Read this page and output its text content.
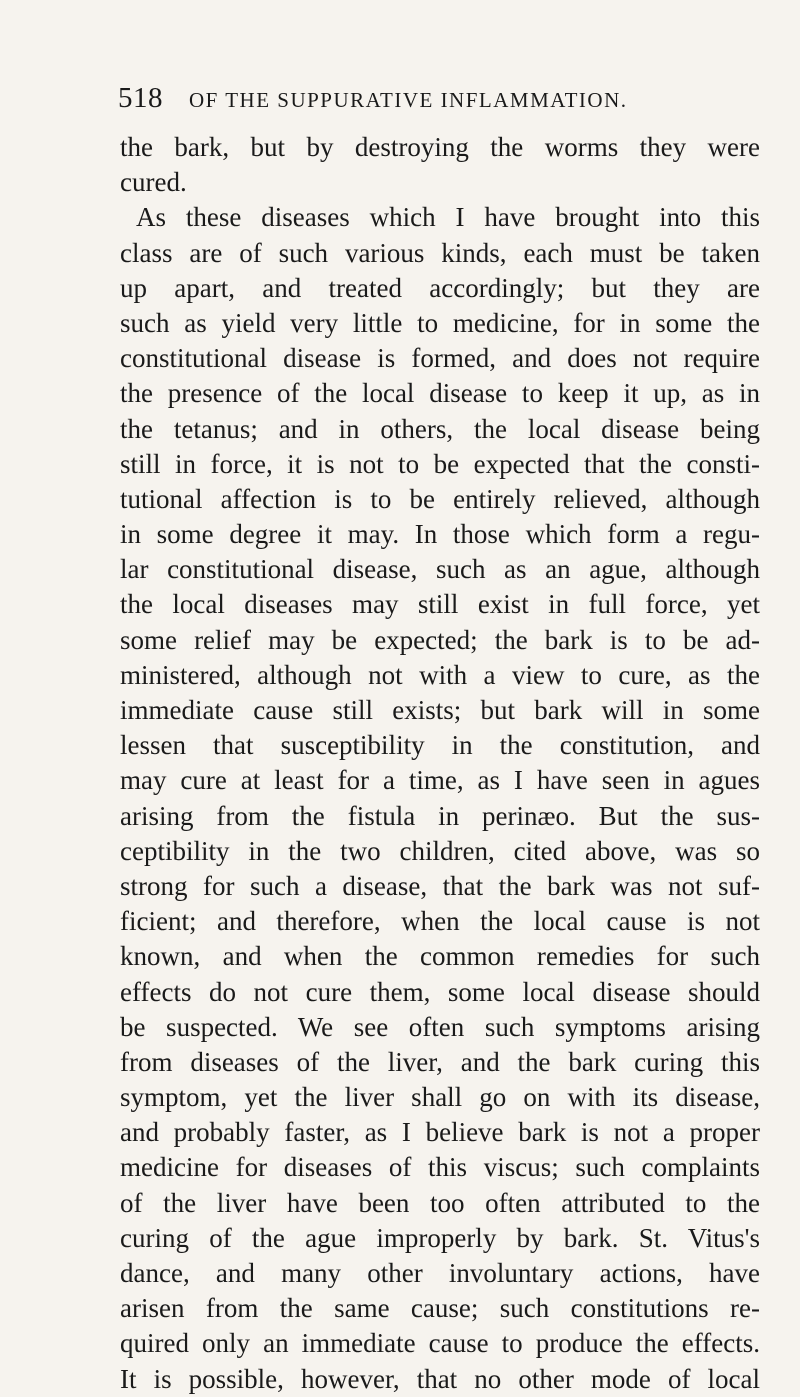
518 OF THE SUPPURATIVE INFLAMMATION.
the bark, but by destroying the worms they were
cured.
As these diseases which I have brought into this
class are of such various kinds, each must be taken
up apart, and treated accordingly; but they are
such as yield very little to medicine, for in some the
constitutional disease is formed, and does not require
the presence of the local disease to keep it up, as in
the tetanus; and in others, the local disease being
still in force, it is not to be expected that the consti-
tutional affection is to be entirely relieved, although
in some degree it may. In those which form a regu-
lar constitutional disease, such as an ague, although
the local diseases may still exist in full force, yet
some relief may be expected; the bark is to be ad-
ministered, although not with a view to cure, as the
immediate cause still exists; but bark will in some
lessen that susceptibility in the constitution, and
may cure at least for a time, as I have seen in agues
arising from the fistula in perinæo. But the sus-
ceptibility in the two children, cited above, was so
strong for such a disease, that the bark was not suf-
ficient; and therefore, when the local cause is not
known, and when the common remedies for such
effects do not cure them, some local disease should
be suspected. We see often such symptoms arising
from diseases of the liver, and the bark curing this
symptom, yet the liver shall go on with its disease,
and probably faster, as I believe bark is not a proper
medicine for diseases of this viscus; such complaints
of the liver have been too often attributed to the
curing of the ague improperly by bark. St. Vitus's
dance, and many other involuntary actions, have
arisen from the same cause; such constitutions re-
quired only an immediate cause to produce the effects.
It is possible, however, that no other mode of local
